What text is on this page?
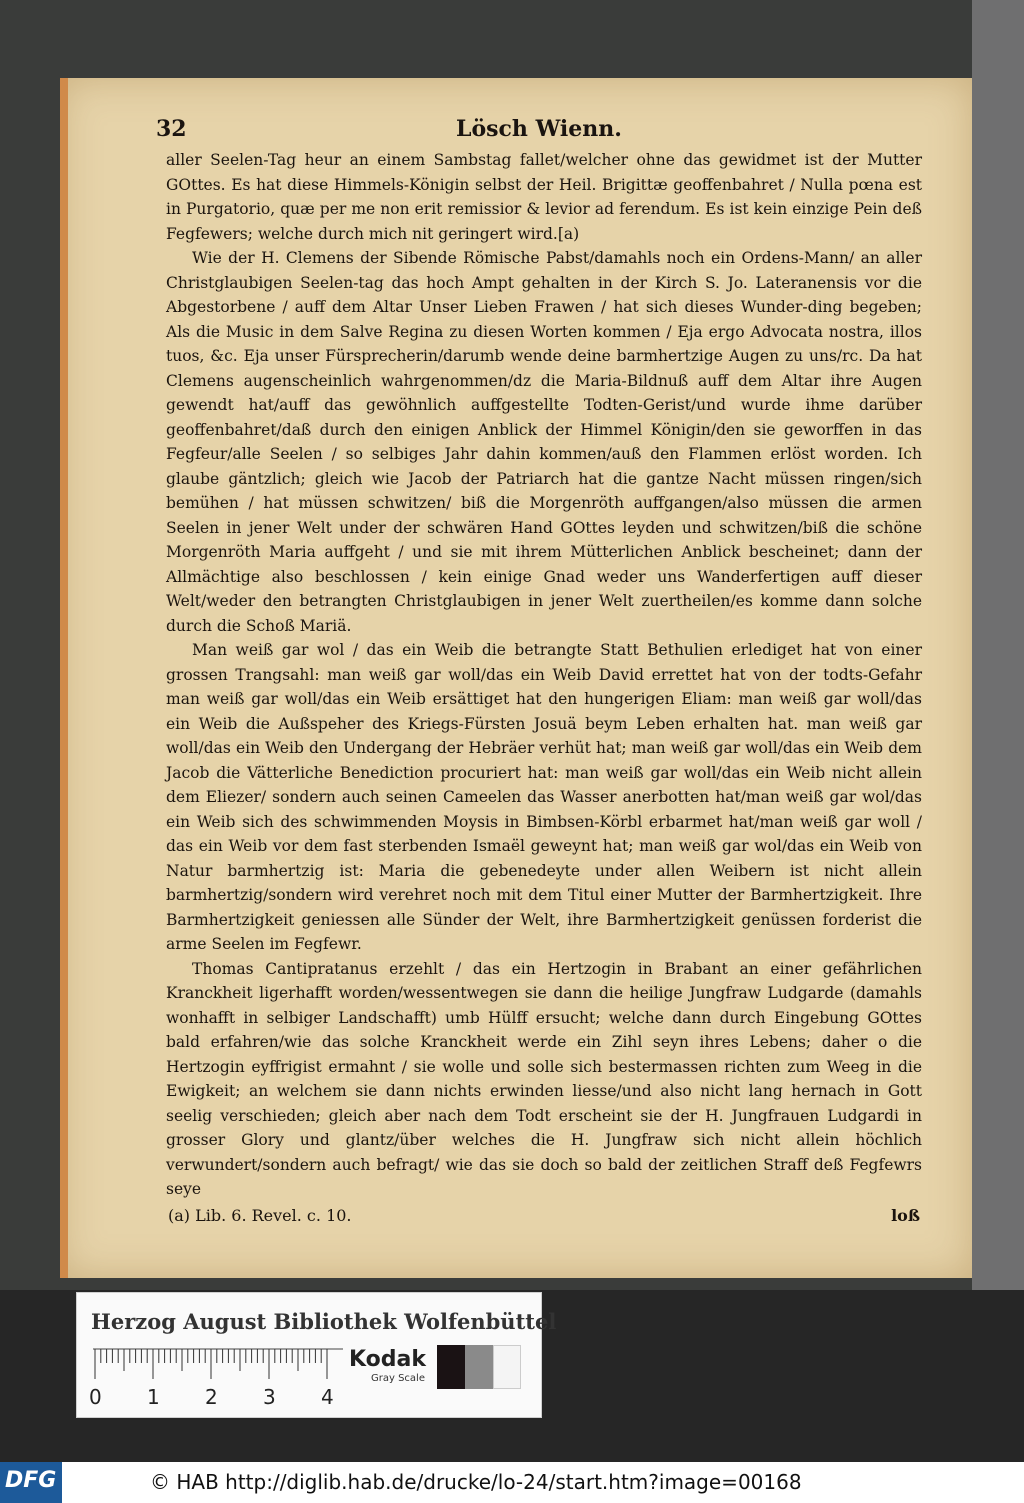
32	Lösch Wienn.

aller Seelen-Tag heur an einem Sambstag fallet/welcher ohne das gewidmet ist der Mutter GOttes. Es hat diese Himmels-Königin selbst der Heil. Brigittæ geoffenbahret / Nulla pœna est in Purgatorio, quæ per me non erit remissior & levior ad ferendum. Es ist kein einzige Pein deß Fegfewers; welche durch mich nit geringert wird.[a)

Wie der H. Clemens der Sibende Römische Pabst/damahls noch ein Ordens-Mann/ an aller Christglaubigen Seelen-tag das hoch Ampt gehalten in der Kirch S. Jo. Lateranensis vor die Abgestorbene / auff dem Altar Unser Lieben Frawen / hat sich dieses Wunder-ding begeben; Als die Music in dem Salve Regina zu diesen Worten kommen / Eja ergo Advocata nostra, illos tuos, &c. Eja unser Fürsprecherin/darumb wende deine barmhertzige Augen zu uns/rc. Da hat Clemens augenscheinlich wahrgenommen/dz die Maria-Bildnuß auff dem Altar ihre Augen gewendt hat/auff das gewöhnlich auffgestellte Todten-Gerist/und wurde ihme darüber geoffenbahret/daß durch den einigen Anblick der Himmel Königin/den sie geworffen in das Fegfeur/alle Seelen / so selbiges Jahr dahin kommen/auß den Flammen erlöst worden. Ich glaube gäntzlich; gleich wie Jacob der Patriarch hat die gantze Nacht müssen ringen/sich bemühen / hat müssen schwitzen/ biß die Morgenröth auffgangen/also müssen die armen Seelen in jener Welt under der schwären Hand GOttes leyden und schwitzen/biß die schöne Morgenröth Maria auffgeht / und sie mit ihrem Mütterlichen Anblick bescheinet; dann der Allmächtige also beschlossen / kein einige Gnad weder uns Wanderfertigen auff dieser Welt/weder den betrangten Christglaubigen in jener Welt zuertheilen/es komme dann solche durch die Schoß Mariä.

Man weiß gar wol / das ein Weib die betrangte Statt Bethulien erlediget hat von einer grossen Trangsahl: man weiß gar woll/das ein Weib David errettet hat von der todts-Gefahr man weiß gar woll/das ein Weib ersättiget hat den hungerigen Eliam: man weiß gar woll/das ein Weib die Außspeher des Kriegs-Fürsten Josuä beym Leben erhalten hat. man weiß gar woll/das ein Weib den Undergang der Hebräer verhüt hat; man weiß gar woll/das ein Weib dem Jacob die Vätterliche Benediction procuriert hat: man weiß gar woll/das ein Weib nicht allein dem Eliezer/ sondern auch seinen Cameelen das Wasser anerbotten hat/man weiß gar wol/das ein Weib sich des schwimmenden Moysis in Bimbsen-Körbl erbarmet hat/man weiß gar woll / das ein Weib vor dem fast sterbenden Ismaël geweynt hat; man weiß gar wol/das ein Weib von Natur barmhertzig ist: Maria die gebenedeyte under allen Weibern ist nicht allein barmhertzig/sondern wird verehret noch mit dem Titul einer Mutter der Barmhertzigkeit. Ihre Barmhertzigkeit geniessen alle Sünder der Welt, ihre Barmhertzigkeit genüssen forderist die arme Seelen im Fegfewr.

Thomas Cantipratanus erzehlt / das ein Hertzogin in Brabant an einer gefährlichen Kranckheit ligerhafft worden/wessentwegen sie dann die heilige Jungfraw Ludgarde (damahls wonhafft in selbiger Landschafft) umb Hülff ersucht; welche dann durch Eingebung GOttes bald erfahren/wie das solche Kranckheit werde ein Zihl seyn ihres Lebens; daher o die Hertzogin eyffrigist ermahnt / sie wolle und solle sich bestermassen richten zum Weeg in die Ewigkeit; an welchem sie dann nichts erwinden liesse/und also nicht lang hernach in Gott seelig verschieden; gleich aber nach dem Todt erscheint sie der H. Jungfrauen Ludgardi in grosser Glory und glantz/über welches die H. Jungfraw sich nicht allein höchlich verwundert/sondern auch befragt/ wie das sie doch so bald der zeitlichen Straff deß Fegfewrs seye

(a) Lib. 6. Revel. c. 10.	loß
Herzog August Bibliothek Wolfenbüttel
0 1 2 3 4
Kodak
Gray Scale
DFG	© HAB http://diglib.hab.de/drucke/lo-24/start.htm?image=00168
